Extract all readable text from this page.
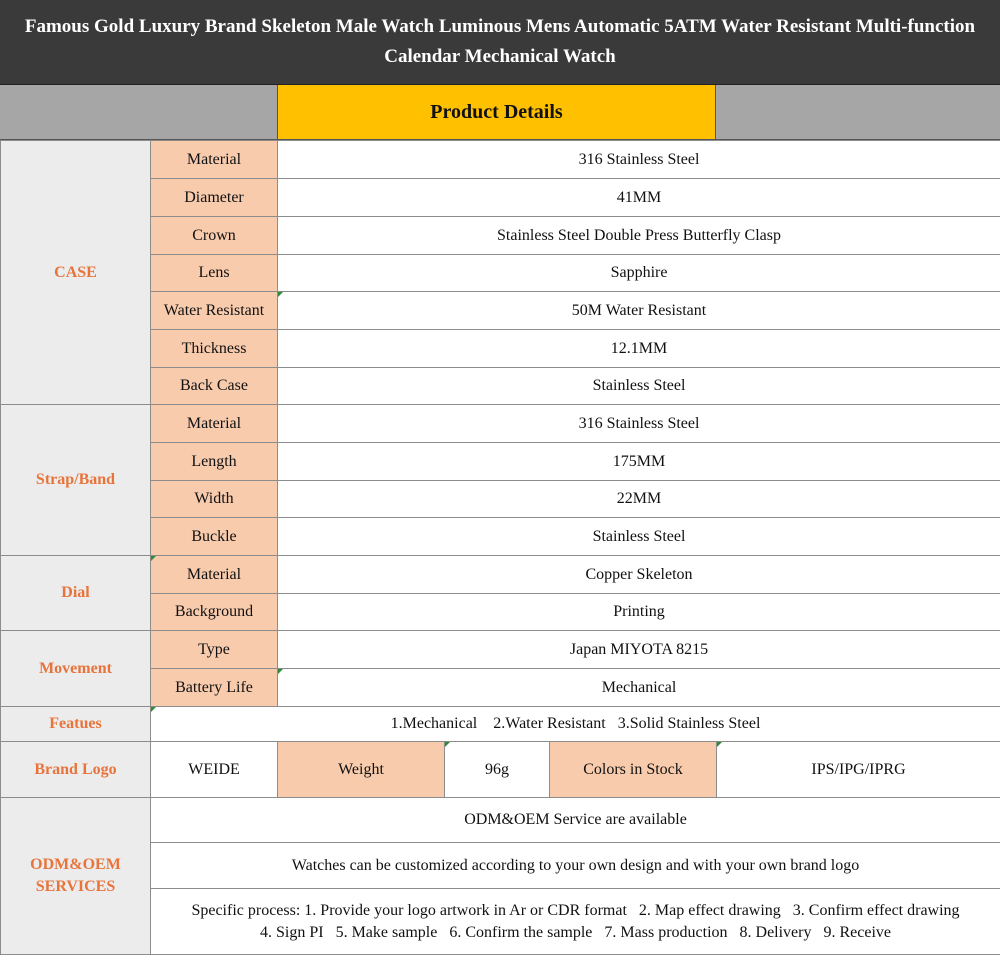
Famous Gold Luxury Brand Skeleton Male Watch Luminous Mens Automatic 5ATM Water Resistant Multi-function Calendar Mechanical Watch
Product Details
CASE	Material	316 Stainless Steel			
	Diameter	41MM			
	Crown	Stainless Steel Double Press Butterfly Clasp			
	Lens	Sapphire			
	Water Resistant	50M Water Resistant			
	Thickness	12.1MM			
	Back Case	Stainless Steel			
Strap/Band	Material	316 Stainless Steel			
	Length	175MM			
	Width	22MM			
	Buckle	Stainless Steel			
Dial	Material	Copper Skeleton			
	Background	Printing			
Movement	Type	Japan MIYOTA 8215			
	Battery Life	Mechanical			
Featues	1.Mechanical    2.Water Resistant   3.Solid Stainless Steel				
Brand Logo	WEIDE	Weight	96g	Colors in Stock	IPS/IPG/IPRG

ODM&OEM
SERVICES	ODM&OEM Service are available				
	Watches can be customized according to your own design and with your own brand logo				

	Specific process: 1. Provide your logo artwork in Ar or CDR format   2. Map effect drawing   3. Confirm effect drawing
4. Sign PI   5. Make sample   6. Confirm the sample   7. Mass production   8. Delivery   9. Receive				
